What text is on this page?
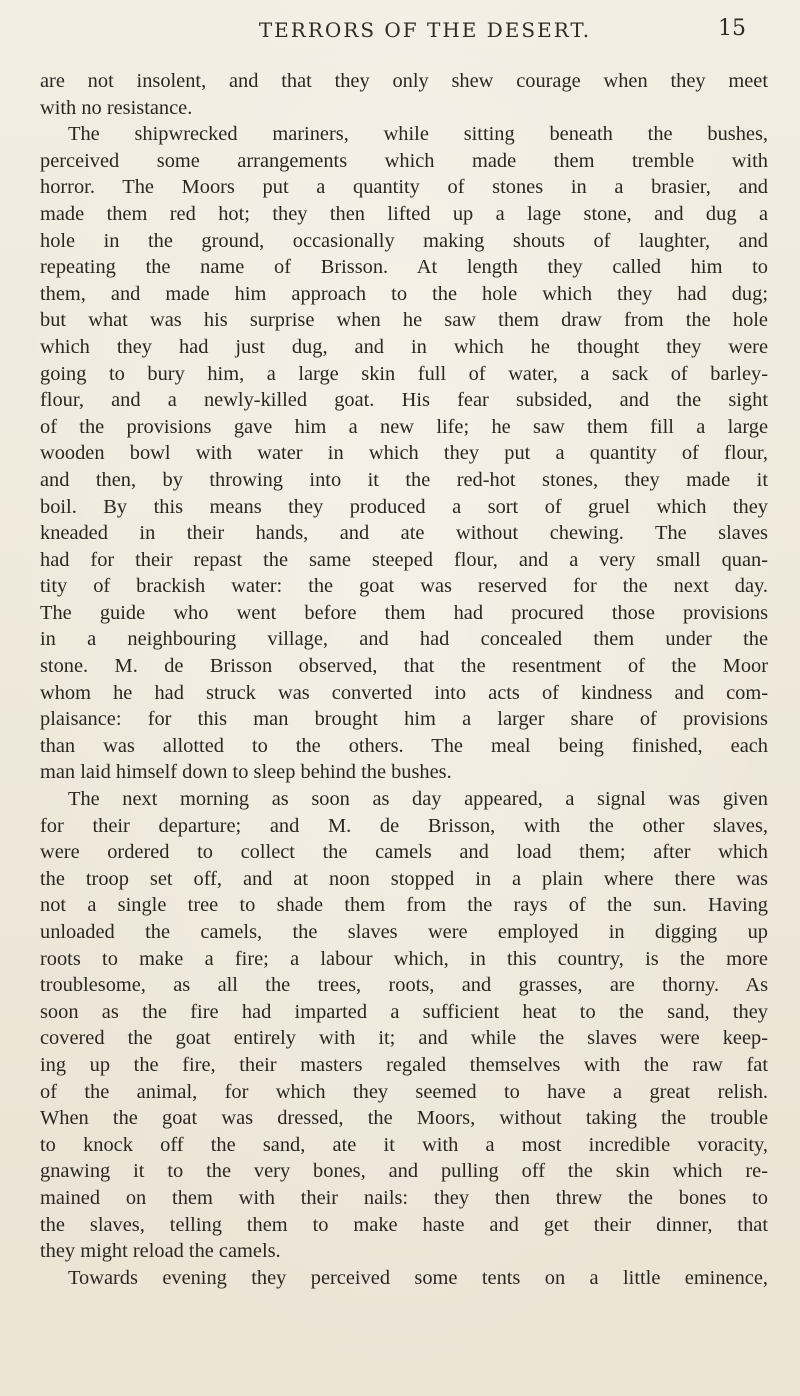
TERRORS OF THE DESERT.	15
are not insolent, and that they only shew courage when they meet
with no resistance.
The shipwrecked mariners, while sitting beneath the bushes,
perceived some arrangements which made them tremble with
horror. The Moors put a quantity of stones in a brasier, and
made them red hot; they then lifted up a lage stone, and dug a
hole in the ground, occasionally making shouts of laughter, and
repeating the name of Brisson. At length they called him to
them, and made him approach to the hole which they had dug;
but what was his surprise when he saw them draw from the hole
which they had just dug, and in which he thought they were
going to bury him, a large skin full of water, a sack of barley-
flour, and a newly-killed goat. His fear subsided, and the sight
of the provisions gave him a new life; he saw them fill a large
wooden bowl with water in which they put a quantity of flour,
and then, by throwing into it the red-hot stones, they made it
boil. By this means they produced a sort of gruel which they
kneaded in their hands, and ate without chewing. The slaves
had for their repast the same steeped flour, and a very small quan-
tity of brackish water: the goat was reserved for the next day.
The guide who went before them had procured those provisions
in a neighbouring village, and had concealed them under the
stone. M. de Brisson observed, that the resentment of the Moor
whom he had struck was converted into acts of kindness and com-
plaisance: for this man brought him a larger share of provisions
than was allotted to the others. The meal being finished, each
man laid himself down to sleep behind the bushes.
The next morning as soon as day appeared, a signal was given
for their departure; and M. de Brisson, with the other slaves,
were ordered to collect the camels and load them; after which
the troop set off, and at noon stopped in a plain where there was
not a single tree to shade them from the rays of the sun. Having
unloaded the camels, the slaves were employed in digging up
roots to make a fire; a labour which, in this country, is the more
troublesome, as all the trees, roots, and grasses, are thorny. As
soon as the fire had imparted a sufficient heat to the sand, they
covered the goat entirely with it; and while the slaves were keep-
ing up the fire, their masters regaled themselves with the raw fat
of the animal, for which they seemed to have a great relish.
When the goat was dressed, the Moors, without taking the trouble
to knock off the sand, ate it with a most incredible voracity,
gnawing it to the very bones, and pulling off the skin which re-
mained on them with their nails: they then threw the bones to
the slaves, telling them to make haste and get their dinner, that
they might reload the camels.
Towards evening they perceived some tents on a little eminence,
